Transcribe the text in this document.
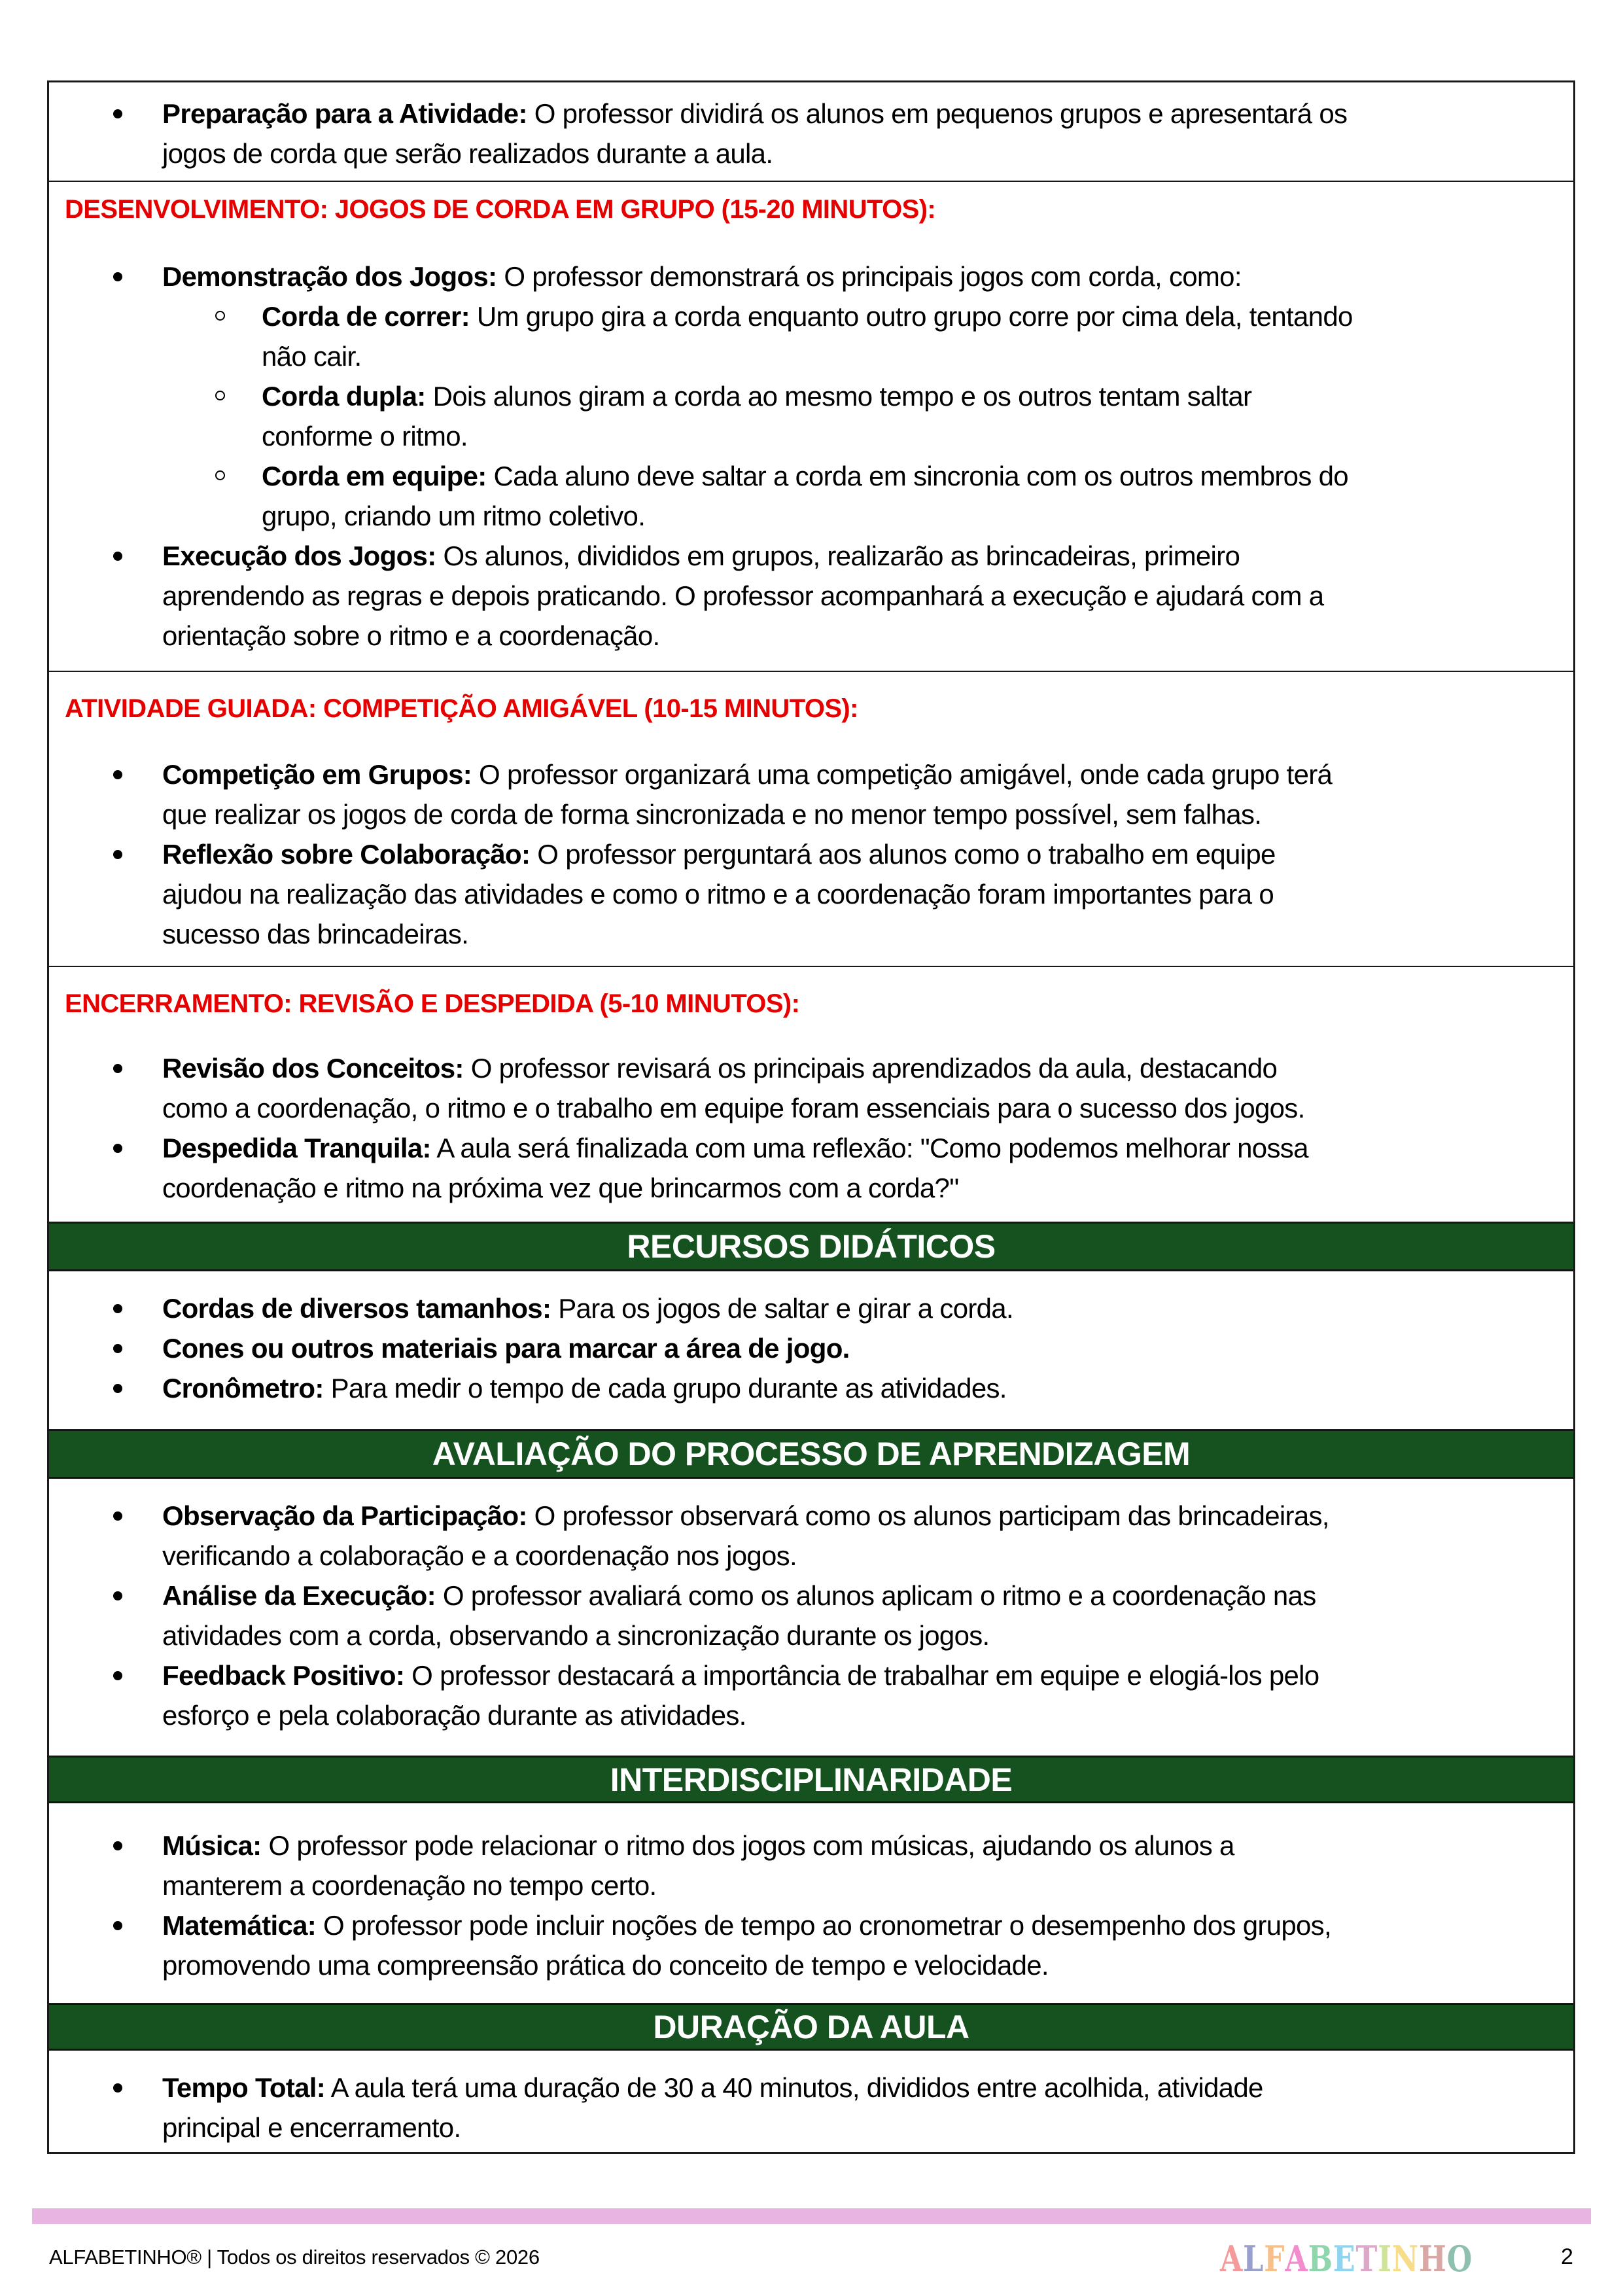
Preparação para a Atividade: O professor dividirá os alunos em pequenos grupos e apresentará os
jogos de corda que serão realizados durante a aula.
DESENVOLVIMENTO: JOGOS DE CORDA EM GRUPO (15-20 MINUTOS):
Demonstração dos Jogos: O professor demonstrará os principais jogos com corda, como:
Corda de correr: Um grupo gira a corda enquanto outro grupo corre por cima dela, tentando
não cair.
Corda dupla: Dois alunos giram a corda ao mesmo tempo e os outros tentam saltar
conforme o ritmo.
Corda em equipe: Cada aluno deve saltar a corda em sincronia com os outros membros do
grupo, criando um ritmo coletivo.
Execução dos Jogos: Os alunos, divididos em grupos, realizarão as brincadeiras, primeiro
aprendendo as regras e depois praticando. O professor acompanhará a execução e ajudará com a
orientação sobre o ritmo e a coordenação.
ATIVIDADE GUIADA: COMPETIÇÃO AMIGÁVEL (10-15 MINUTOS):
Competição em Grupos: O professor organizará uma competição amigável, onde cada grupo terá
que realizar os jogos de corda de forma sincronizada e no menor tempo possível, sem falhas.
Reflexão sobre Colaboração: O professor perguntará aos alunos como o trabalho em equipe
ajudou na realização das atividades e como o ritmo e a coordenação foram importantes para o
sucesso das brincadeiras.
ENCERRAMENTO: REVISÃO E DESPEDIDA (5-10 MINUTOS):
Revisão dos Conceitos: O professor revisará os principais aprendizados da aula, destacando
como a coordenação, o ritmo e o trabalho em equipe foram essenciais para o sucesso dos jogos.
Despedida Tranquila: A aula será finalizada com uma reflexão: "Como podemos melhorar nossa
coordenação e ritmo na próxima vez que brincarmos com a corda?"
RECURSOS DIDÁTICOS
Cordas de diversos tamanhos: Para os jogos de saltar e girar a corda.
Cones ou outros materiais para marcar a área de jogo.
Cronômetro: Para medir o tempo de cada grupo durante as atividades.
AVALIAÇÃO DO PROCESSO DE APRENDIZAGEM
Observação da Participação: O professor observará como os alunos participam das brincadeiras,
verificando a colaboração e a coordenação nos jogos.
Análise da Execução: O professor avaliará como os alunos aplicam o ritmo e a coordenação nas
atividades com a corda, observando a sincronização durante os jogos.
Feedback Positivo: O professor destacará a importância de trabalhar em equipe e elogiá-los pelo
esforço e pela colaboração durante as atividades.
INTERDISCIPLINARIDADE
Música: O professor pode relacionar o ritmo dos jogos com músicas, ajudando os alunos a
manterem a coordenação no tempo certo.
Matemática: O professor pode incluir noções de tempo ao cronometrar o desempenho dos grupos,
promovendo uma compreensão prática do conceito de tempo e velocidade.
DURAÇÃO DA AULA
Tempo Total: A aula terá uma duração de 30 a 40 minutos, divididos entre acolhida, atividade
principal e encerramento.
ALFABETINHO® | Todos os direitos reservados © 2026	ALFABETINHO	2
